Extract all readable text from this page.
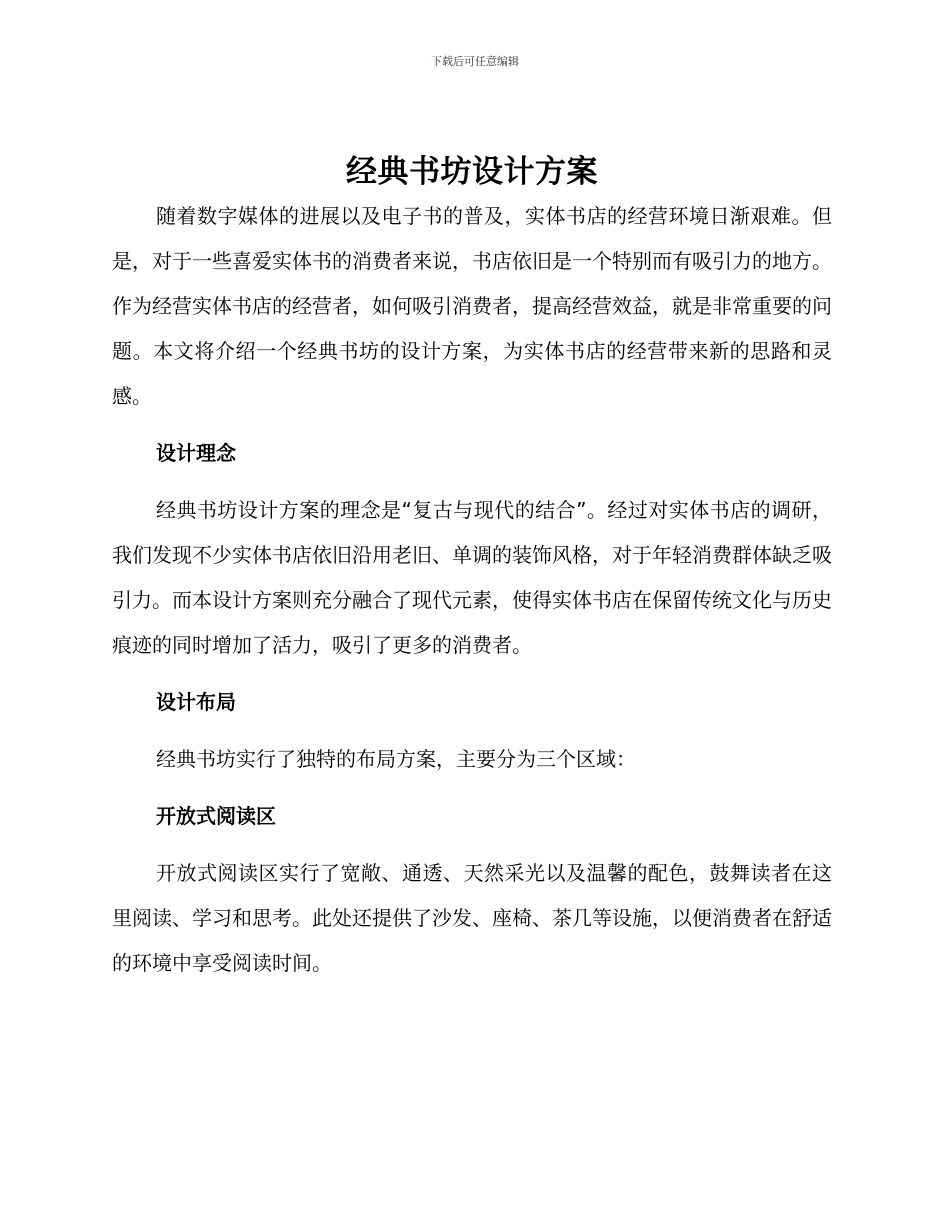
下载后可任意编辑
经典书坊设计方案

随着数字媒体的进展以及电子书的普及，实体书店的经营环境日渐艰难。但是，对于一些喜爱实体书的消费者来说，书店依旧是一个特别而有吸引力的地方。作为经营实体书店的经营者，如何吸引消费者，提高经营效益，就是非常重要的问题。本文将介绍一个经典书坊的设计方案，为实体书店的经营带来新的思路和灵感。

设计理念

经典书坊设计方案的理念是“复古与现代的结合”。经过对实体书店的调研，我们发现不少实体书店依旧沿用老旧、单调的装饰风格，对于年轻消费群体缺乏吸引力。而本设计方案则充分融合了现代元素，使得实体书店在保留传统文化与历史痕迹的同时增加了活力，吸引了更多的消费者。

设计布局

经典书坊实行了独特的布局方案，主要分为三个区域：

开放式阅读区

开放式阅读区实行了宽敞、通透、天然采光以及温馨的配色，鼓舞读者在这里阅读、学习和思考。此处还提供了沙发、座椅、茶几等设施，以便消费者在舒适的环境中享受阅读时间。
